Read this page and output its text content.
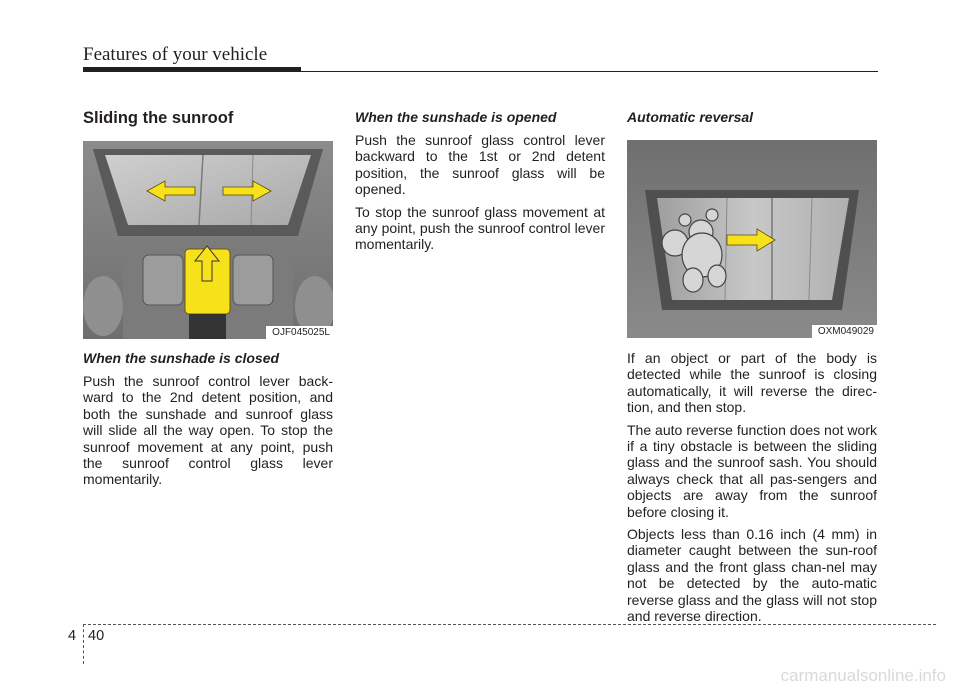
Features of your vehicle
Sliding the sunroof
OJF045025L
When the sunshade is closed

Push the sunroof control lever back-ward to the 2nd detent position, and both the sunshade and sunroof glass will slide all the way open. To stop the sunroof movement at any point, push the sunroof control glass lever momentarily.

When the sunshade is opened

Push the sunroof glass control lever backward to the 1st or 2nd detent position, the sunroof glass will be opened.

To stop the sunroof glass movement at any point, push the sunroof control lever momentarily.

Automatic reversal
OXM049029

If an object or part of the body is detected while the sunroof is closing automatically, it will reverse the direc-tion, and then stop.

The auto reverse function does not work if a tiny obstacle is between the sliding glass and the sunroof sash. You should always check that all pas-sengers and objects are away from the sunroof before closing it.

Objects less than 0.16 inch (4 mm) in diameter caught between the sun-roof glass and the front glass chan-nel may not be detected by the auto-matic reverse glass and the glass will not stop and reverse direction.

4 40
carmanualsonline.info
